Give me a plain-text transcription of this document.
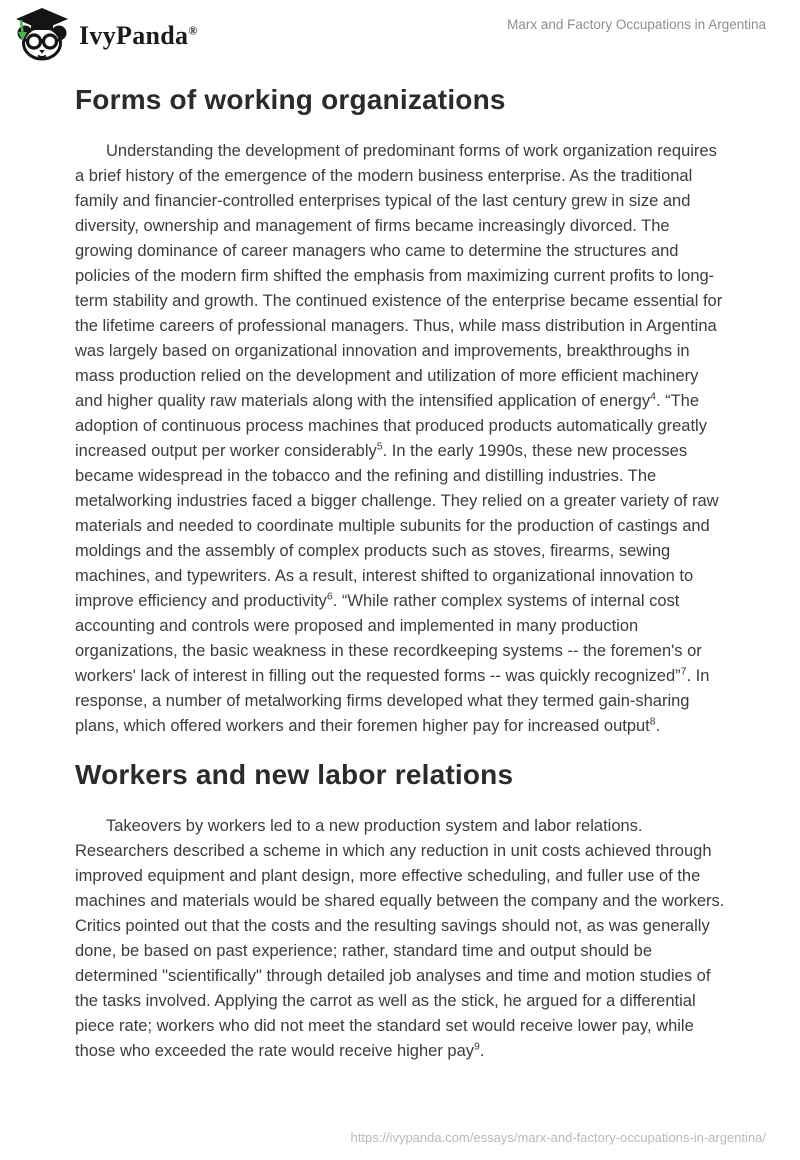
IvyPanda®	Marx and Factory Occupations in Argentina
Forms of working organizations

Understanding the development of predominant forms of work organization requires a brief history of the emergence of the modern business enterprise. As the traditional family and financier-controlled enterprises typical of the last century grew in size and diversity, ownership and management of firms became increasingly divorced. The growing dominance of career managers who came to determine the structures and policies of the modern firm shifted the emphasis from maximizing current profits to long-term stability and growth. The continued existence of the enterprise became essential for the lifetime careers of professional managers. Thus, while mass distribution in Argentina was largely based on organizational innovation and improvements, breakthroughs in mass production relied on the development and utilization of more efficient machinery and higher quality raw materials along with the intensified application of energy$^4$. “The adoption of continuous process machines that produced products automatically greatly increased output per worker considerably$^5$. In the early 1990s, these new processes became widespread in the tobacco and the refining and distilling industries. The metalworking industries faced a bigger challenge. They relied on a greater variety of raw materials and needed to coordinate multiple subunits for the production of castings and moldings and the assembly of complex products such as stoves, firearms, sewing machines, and typewriters. As a result, interest shifted to organizational innovation to improve efficiency and productivity$^6$. “While rather complex systems of internal cost accounting and controls were proposed and implemented in many production organizations, the basic weakness in these recordkeeping systems -- the foremen's or workers' lack of interest in filling out the requested forms -- was quickly recognized”$^7$. In response, a number of metalworking firms developed what they termed gain-sharing plans, which offered workers and their foremen higher pay for increased output$^8$.

Workers and new labor relations

Takeovers by workers led to a new production system and labor relations. Researchers described a scheme in which any reduction in unit costs achieved through improved equipment and plant design, more effective scheduling, and fuller use of the machines and materials would be shared equally between the company and the workers. Critics pointed out that the costs and the resulting savings should not, as was generally done, be based on past experience; rather, standard time and output should be determined "scientifically" through detailed job analyses and time and motion studies of the tasks involved. Applying the carrot as well as the stick, he argued for a differential piece rate; workers who did not meet the standard set would receive lower pay, while those who exceeded the rate would receive higher pay$^9$.

https://ivypanda.com/essays/marx-and-factory-occupations-in-argentina/
